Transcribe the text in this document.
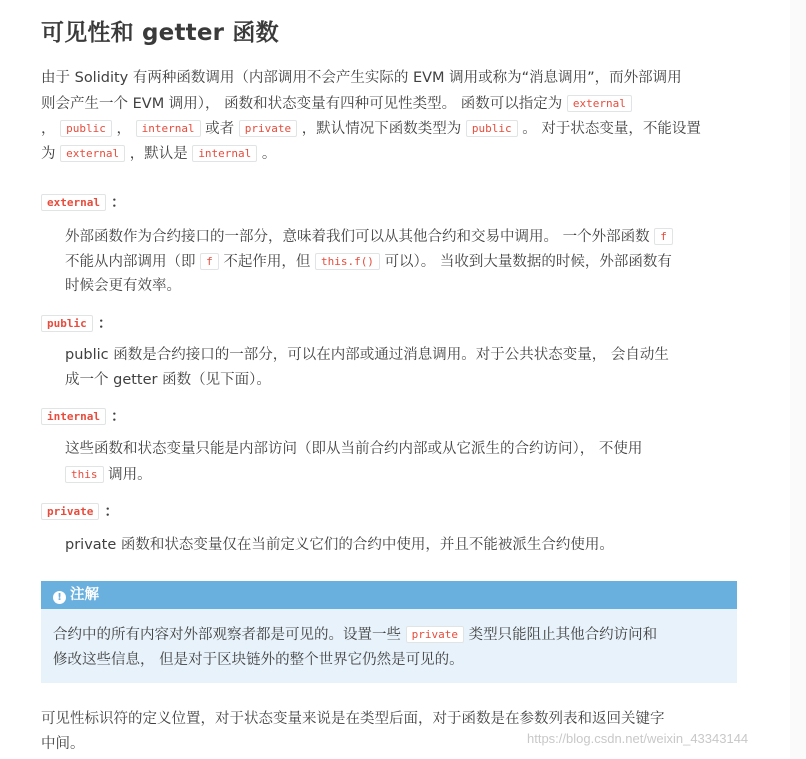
可见性和 getter 函数
由于 Solidity 有两种函数调用（内部调用不会产生实际的 EVM 调用或称为“消息调用”，而外部调用
则会产生一个 EVM 调用）， 函数和状态变量有四种可见性类型。 函数可以指定为 external
， public ， internal 或者 private ，默认情况下函数类型为 public 。 对于状态变量，不能设置
为 external ，默认是 internal 。
external ：
外部函数作为合约接口的一部分，意味着我们可以从其他合约和交易中调用。 一个外部函数 f
不能从内部调用（即 f 不起作用，但 this.f() 可以）。 当收到大量数据的时候，外部函数有
时候会更有效率。
public ：
public 函数是合约接口的一部分，可以在内部或通过消息调用。对于公共状态变量， 会自动生
成一个 getter 函数（见下面）。
internal ：
这些函数和状态变量只能是内部访问（即从当前合约内部或从它派生的合约访问）， 不使用
this 调用。
private ：
private 函数和状态变量仅在当前定义它们的合约中使用，并且不能被派生合约使用。
! 注解
合约中的所有内容对外部观察者都是可见的。设置一些 private 类型只能阻止其他合约访问和
修改这些信息， 但是对于区块链外的整个世界它仍然是可见的。
可见性标识符的定义位置，对于状态变量来说是在类型后面，对于函数是在参数列表和返回关键字
中间。	https://blog.csdn.net/weixin_43343144
